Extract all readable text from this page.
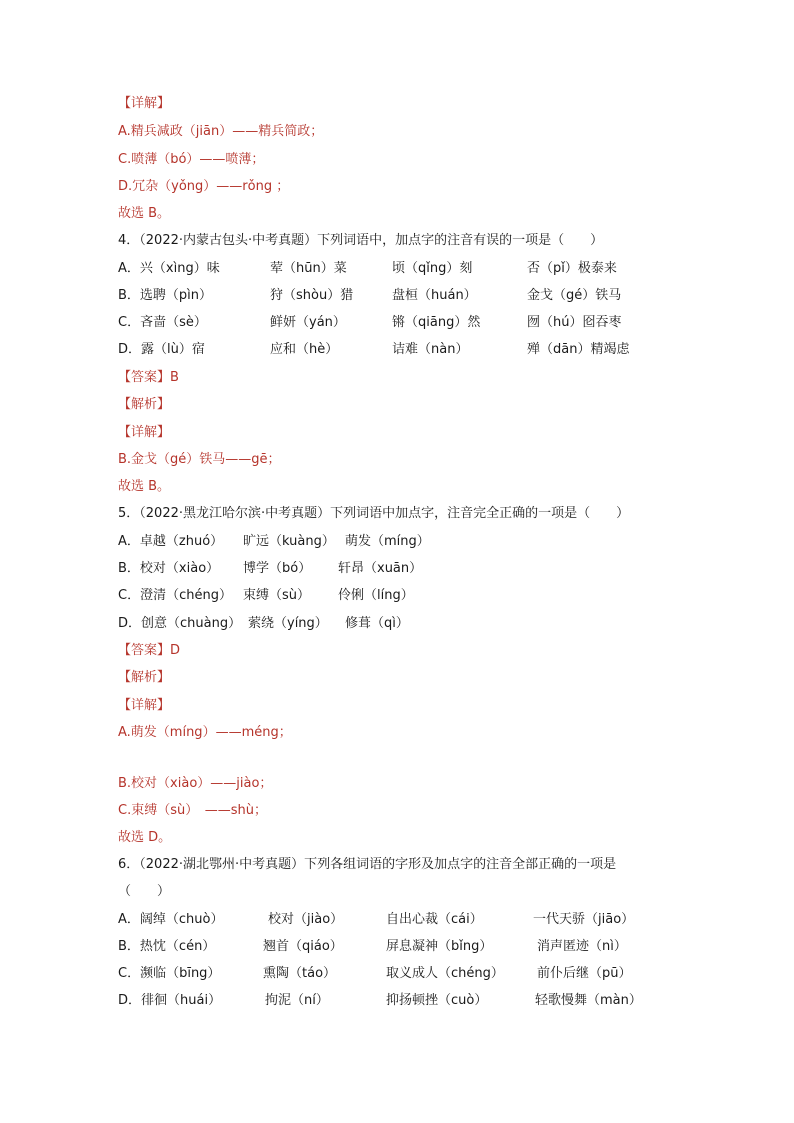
【详解】
A.精兵减政（jiān）——精兵简政；
C.喷薄（bó）——喷薄；
D.冗杂（yǒng）——rǒng ；
故选 B。
4．（2022·内蒙古包头·中考真题）下列词语中，加点字的注音有误的一项是（　　）
A．兴（xìng）味	荤（hūn）菜	顷（qǐng）刻	否（pǐ）极泰来
B．选聘（pìn）	狩（shòu）猎	盘桓（huán）	金戈（gé）铁马
C．吝啬（sè）	鲜妍（yán）	锵（qiāng）然	囫（hú）囵吞枣
D．露（lù）宿	应和（hè）	诘难（nàn）	殚（dān）精竭虑
【答案】B
【解析】
【详解】
B.金戈（gé）铁马——gē；
故选 B。
5．（2022·黑龙江哈尔滨·中考真题）下列词语中加点字，注音完全正确的一项是（　　）
A．卓越（zhuó） 旷远（kuàng） 萌发（míng）
B．校对（xiào） 博学（bó） 轩昂（xuān）
C．澄清（chéng） 束缚（sù） 伶俐（líng）
D．创意（chuàng） 萦绕（yíng） 修葺（qì）
【答案】D
【解析】
【详解】
A.萌发（míng）——méng；
B.校对（xiào）——jiào；
C.束缚（sù）　——shù；
故选 D。
6．（2022·湖北鄂州·中考真题）下列各组词语的字形及加点字的注音全部正确的一项是
（　　）
A．阔绰（chuò）	校对（jiào）	自出心裁（cái）	一代天骄（jiāo）
B．热忱（cén）	翘首（qiáo）	屏息凝神（bǐng）	消声匿迹（nì）
C．濒临（bīng）	熏陶（táo）	取义成人（chéng）	前仆后继（pū）
D．徘徊（huái）	拘泥（ní）	抑扬顿挫（cuò）	轻歌慢舞（màn）
